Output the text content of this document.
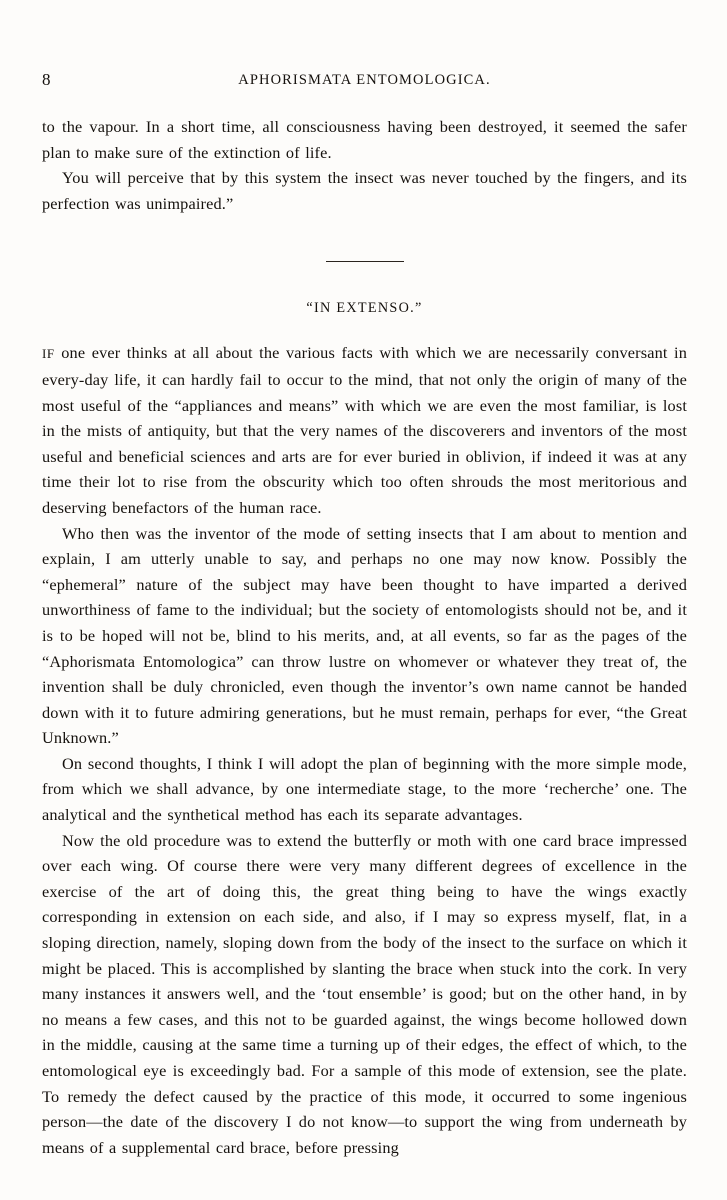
8	APHORISMATA ENTOMOLOGICA.

to the vapour. In a short time, all consciousness having been destroyed, it seemed the safer plan to make sure of the extinction of life.

You will perceive that by this system the insect was never touched by the fingers, and its perfection was unimpaired.”

“IN EXTENSO.”

IF one ever thinks at all about the various facts with which we are necessarily conversant in every-day life, it can hardly fail to occur to the mind, that not only the origin of many of the most useful of the “appliances and means” with which we are even the most familiar, is lost in the mists of antiquity, but that the very names of the discoverers and inventors of the most useful and beneficial sciences and arts are for ever buried in oblivion, if indeed it was at any time their lot to rise from the obscurity which too often shrouds the most meritorious and deserving benefactors of the human race.

Who then was the inventor of the mode of setting insects that I am about to mention and explain, I am utterly unable to say, and perhaps no one may now know. Possibly the “ephemeral” nature of the subject may have been thought to have imparted a derived unworthiness of fame to the individual; but the society of entomologists should not be, and it is to be hoped will not be, blind to his merits, and, at all events, so far as the pages of the “Aphorismata Entomologica” can throw lustre on whomever or whatever they treat of, the invention shall be duly chronicled, even though the inventor’s own name cannot be handed down with it to future admiring generations, but he must remain, perhaps for ever, “the Great Unknown.”

On second thoughts, I think I will adopt the plan of beginning with the more simple mode, from which we shall advance, by one intermediate stage, to the more ‘recherche’ one. The analytical and the synthetical method has each its separate advantages.

Now the old procedure was to extend the butterfly or moth with one card brace impressed over each wing. Of course there were very many different degrees of excellence in the exercise of the art of doing this, the great thing being to have the wings exactly corresponding in extension on each side, and also, if I may so express myself, flat, in a sloping direction, namely, sloping down from the body of the insect to the surface on which it might be placed. This is accomplished by slanting the brace when stuck into the cork. In very many instances it answers well, and the ‘tout ensemble’ is good; but on the other hand, in by no means a few cases, and this not to be guarded against, the wings become hollowed down in the middle, causing at the same time a turning up of their edges, the effect of which, to the entomological eye is exceedingly bad. For a sample of this mode of extension, see the plate. To remedy the defect caused by the practice of this mode, it occurred to some ingenious person—the date of the discovery I do not know—to support the wing from underneath by means of a supplemental card brace, before pressing
